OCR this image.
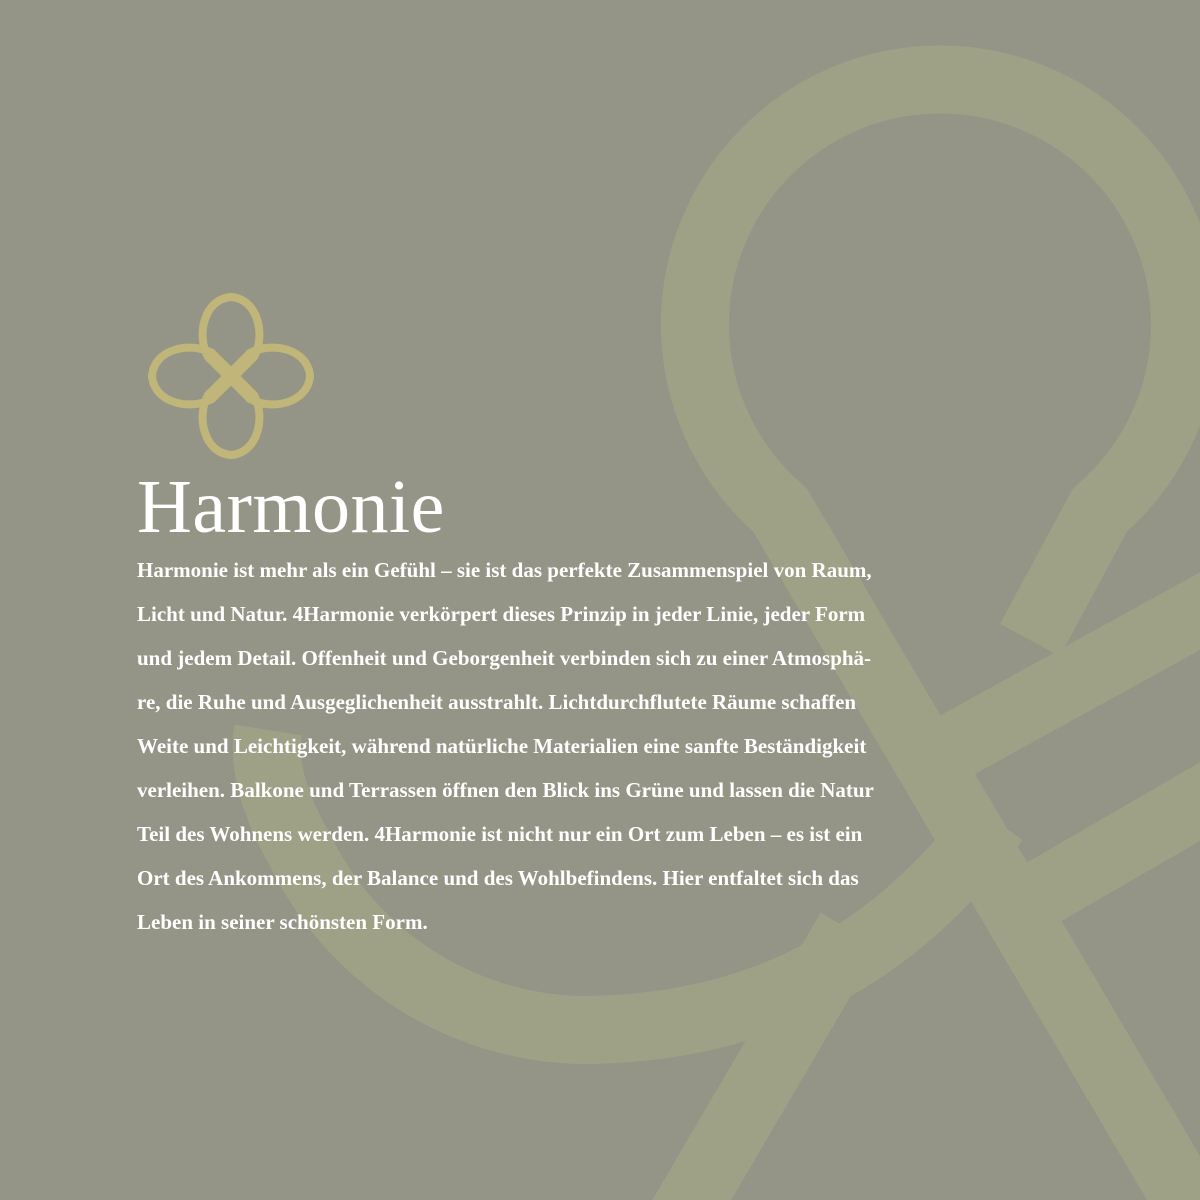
Harmonie
Harmonie ist mehr als ein Gefühl – sie ist das perfekte Zusammenspiel von Raum,
Licht und Natur. 4Harmonie verkörpert dieses Prinzip in jeder Linie, jeder Form
und jedem Detail. Offenheit und Geborgenheit verbinden sich zu einer Atmosphä-
re, die Ruhe und Ausgeglichenheit ausstrahlt. Lichtdurchflutete Räume schaffen
Weite und Leichtigkeit, während natürliche Materialien eine sanfte Beständigkeit
verleihen. Balkone und Terrassen öffnen den Blick ins Grüne und lassen die Natur
Teil des Wohnens werden. 4Harmonie ist nicht nur ein Ort zum Leben – es ist ein
Ort des Ankommens, der Balance und des Wohlbefindens. Hier entfaltet sich das
Leben in seiner schönsten Form.
